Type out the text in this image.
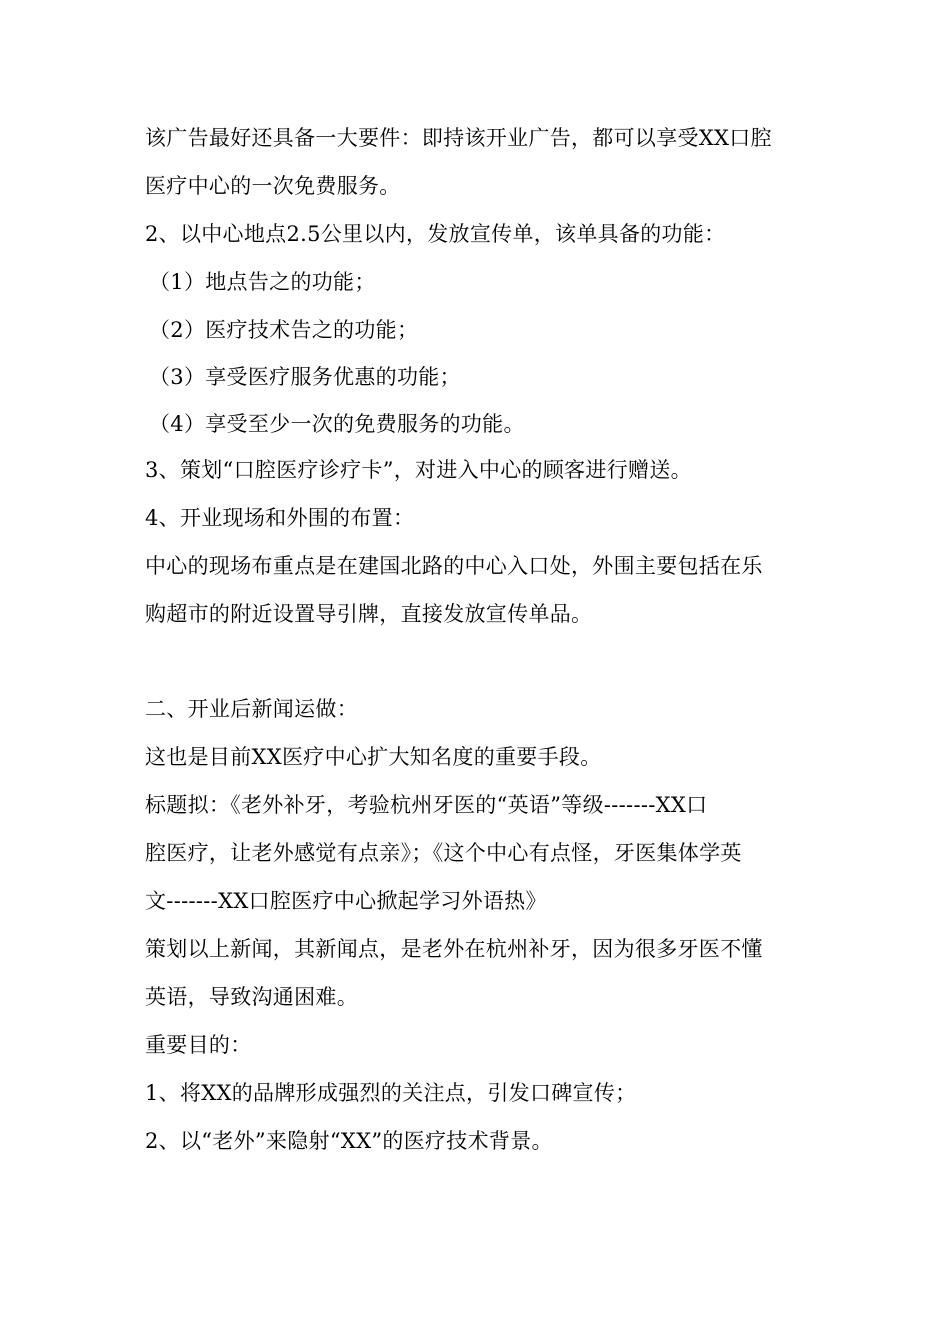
该广告最好还具备一大要件：即持该开业广告，都可以享受XX口腔
医疗中心的一次免费服务。
2、以中心地点2.5公里以内，发放宣传单，该单具备的功能：
（1）地点告之的功能；
（2）医疗技术告之的功能；
（3）享受医疗服务优惠的功能；
（4）享受至少一次的免费服务的功能。
3、策划“口腔医疗诊疗卡”，对进入中心的顾客进行赠送。
4、开业现场和外围的布置：
中心的现场布重点是在建国北路的中心入口处，外围主要包括在乐
购超市的附近设置导引牌，直接发放宣传单品。
二、开业后新闻运做：
这也是目前XX医疗中心扩大知名度的重要手段。
标题拟：《老外补牙，考验杭州牙医的“英语”等级-------XX口
腔医疗，让老外感觉有点亲》；《这个中心有点怪，牙医集体学英
文-------XX口腔医疗中心掀起学习外语热》
策划以上新闻，其新闻点，是老外在杭州补牙，因为很多牙医不懂
英语，导致沟通困难。
重要目的：
1、将XX的品牌形成强烈的关注点，引发口碑宣传；
2、以“老外”来隐射“XX”的医疗技术背景。
